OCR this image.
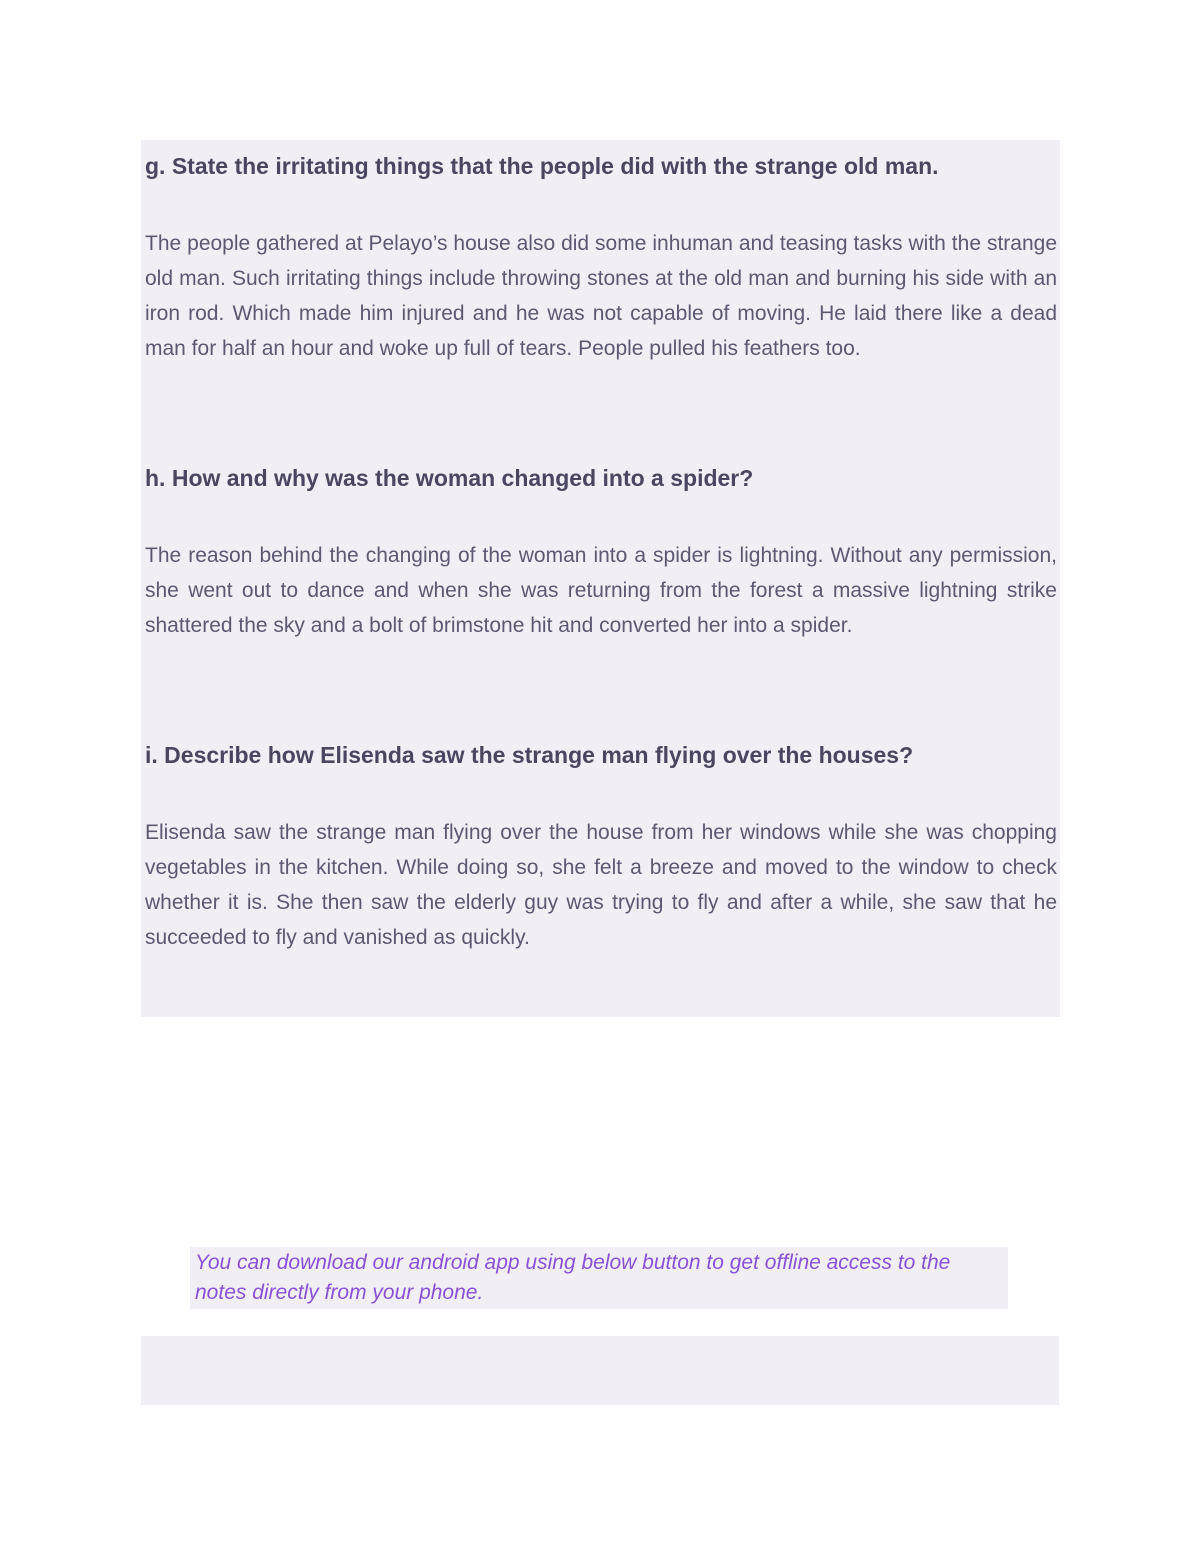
g. State the irritating things that the people did with the strange old man.

The people gathered at Pelayo’s house also did some inhuman and teasing tasks with the strange old man. Such irritating things include throwing stones at the old man and burning his side with an iron rod. Which made him injured and he was not capable of moving. He laid there like a dead man for half an hour and woke up full of tears. People pulled his feathers too.

h. How and why was the woman changed into a spider?

The reason behind the changing of the woman into a spider is lightning. Without any permission, she went out to dance and when she was returning from the forest a massive lightning strike shattered the sky and a bolt of brimstone hit and converted her into a spider.

i. Describe how Elisenda saw the strange man flying over the houses?

Elisenda saw the strange man flying over the house from her windows while she was chopping vegetables in the kitchen. While doing so, she felt a breeze and moved to the window to check whether it is. She then saw the elderly guy was trying to fly and after a while, she saw that he succeeded to fly and vanished as quickly.

You can download our android app using below button to get offline access to the notes directly from your phone.
